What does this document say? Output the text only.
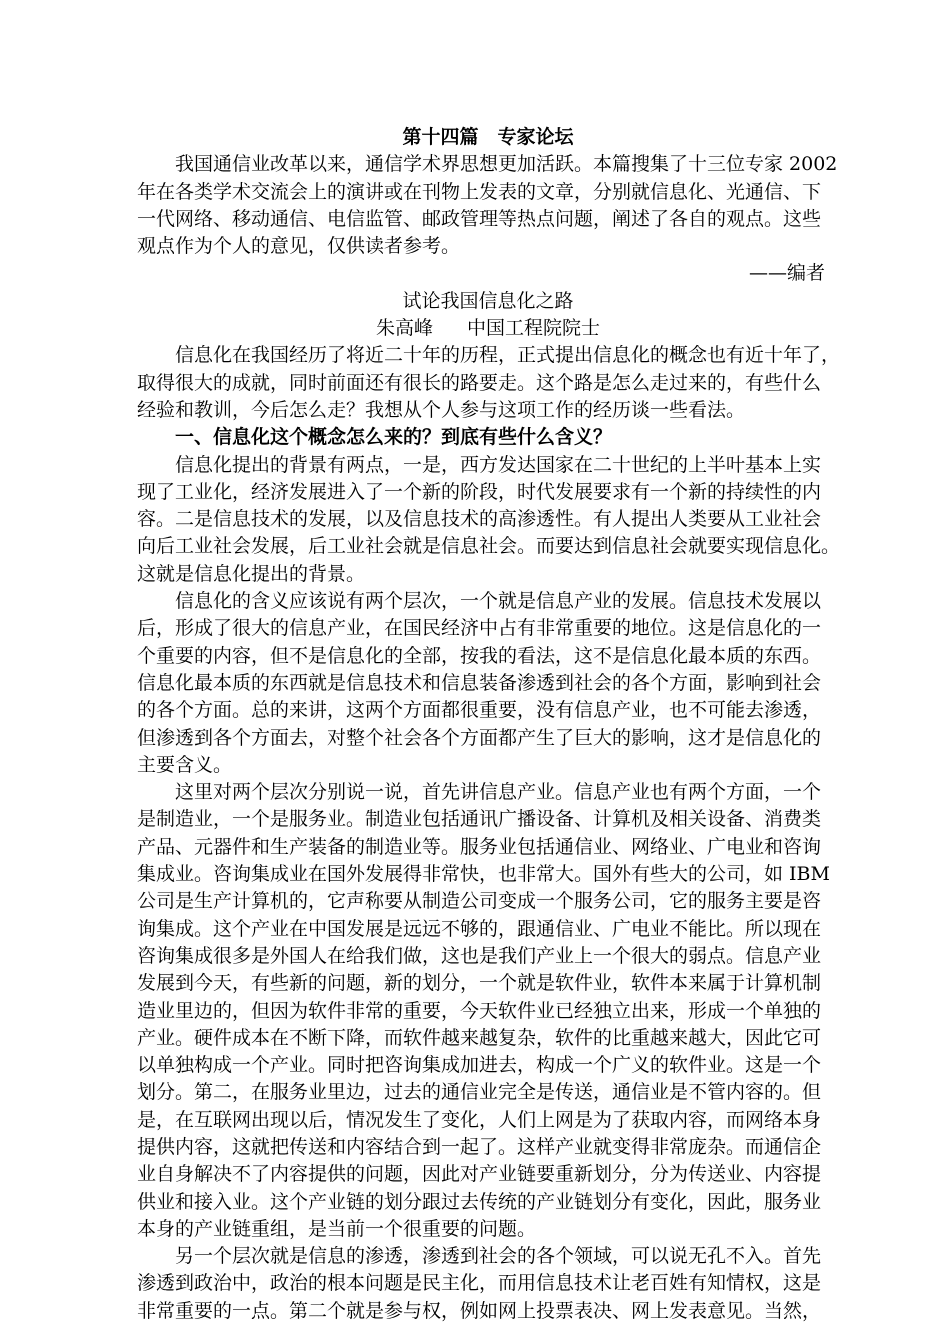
第十四篇　专家论坛
我国通信业改革以来，通信学术界思想更加活跃。本篇搜集了十三位专家 2002
年在各类学术交流会上的演讲或在刊物上发表的文章，分别就信息化、光通信、下
一代网络、移动通信、电信监管、邮政管理等热点问题，阐述了各自的观点。这些
观点作为个人的意见，仅供读者参考。
——编者
试论我国信息化之路
朱高峰 中国工程院院士
信息化在我国经历了将近二十年的历程，正式提出信息化的概念也有近十年了，
取得很大的成就，同时前面还有很长的路要走。这个路是怎么走过来的，有些什么
经验和教训，今后怎么走？我想从个人参与这项工作的经历谈一些看法。
一、信息化这个概念怎么来的？到底有些什么含义？
信息化提出的背景有两点，一是，西方发达国家在二十世纪的上半叶基本上实
现了工业化，经济发展进入了一个新的阶段，时代发展要求有一个新的持续性的内
容。二是信息技术的发展，以及信息技术的高渗透性。有人提出人类要从工业社会
向后工业社会发展，后工业社会就是信息社会。而要达到信息社会就要实现信息化。
这就是信息化提出的背景。
信息化的含义应该说有两个层次，一个就是信息产业的发展。信息技术发展以
后，形成了很大的信息产业，在国民经济中占有非常重要的地位。这是信息化的一
个重要的内容，但不是信息化的全部，按我的看法，这不是信息化最本质的东西。
信息化最本质的东西就是信息技术和信息装备渗透到社会的各个方面，影响到社会
的各个方面。总的来讲，这两个方面都很重要，没有信息产业，也不可能去渗透，
但渗透到各个方面去，对整个社会各个方面都产生了巨大的影响，这才是信息化的
主要含义。
这里对两个层次分别说一说，首先讲信息产业。信息产业也有两个方面，一个
是制造业，一个是服务业。制造业包括通讯广播设备、计算机及相关设备、消费类
产品、元器件和生产装备的制造业等。服务业包括通信业、网络业、广电业和咨询
集成业。咨询集成业在国外发展得非常快，也非常大。国外有些大的公司，如 IBM
公司是生产计算机的，它声称要从制造公司变成一个服务公司，它的服务主要是咨
询集成。这个产业在中国发展是远远不够的，跟通信业、广电业不能比。所以现在
咨询集成很多是外国人在给我们做，这也是我们产业上一个很大的弱点。信息产业
发展到今天，有些新的问题，新的划分，一个就是软件业，软件本来属于计算机制
造业里边的，但因为软件非常的重要，今天软件业已经独立出来，形成一个单独的
产业。硬件成本在不断下降，而软件越来越复杂，软件的比重越来越大，因此它可
以单独构成一个产业。同时把咨询集成加进去，构成一个广义的软件业。这是一个
划分。第二，在服务业里边，过去的通信业完全是传送，通信业是不管内容的。但
是，在互联网出现以后，情况发生了变化，人们上网是为了获取内容，而网络本身
提供内容，这就把传送和内容结合到一起了。这样产业就变得非常庞杂。而通信企
业自身解决不了内容提供的问题，因此对产业链要重新划分，分为传送业、内容提
供业和接入业。这个产业链的划分跟过去传统的产业链划分有变化，因此，服务业
本身的产业链重组，是当前一个很重要的问题。
另一个层次就是信息的渗透，渗透到社会的各个领域，可以说无孔不入。首先
渗透到政治中，政治的根本问题是民主化，而用信息技术让老百姓有知情权，这是
非常重要的一点。第二个就是参与权，例如网上投票表决、网上发表意见。当然，
